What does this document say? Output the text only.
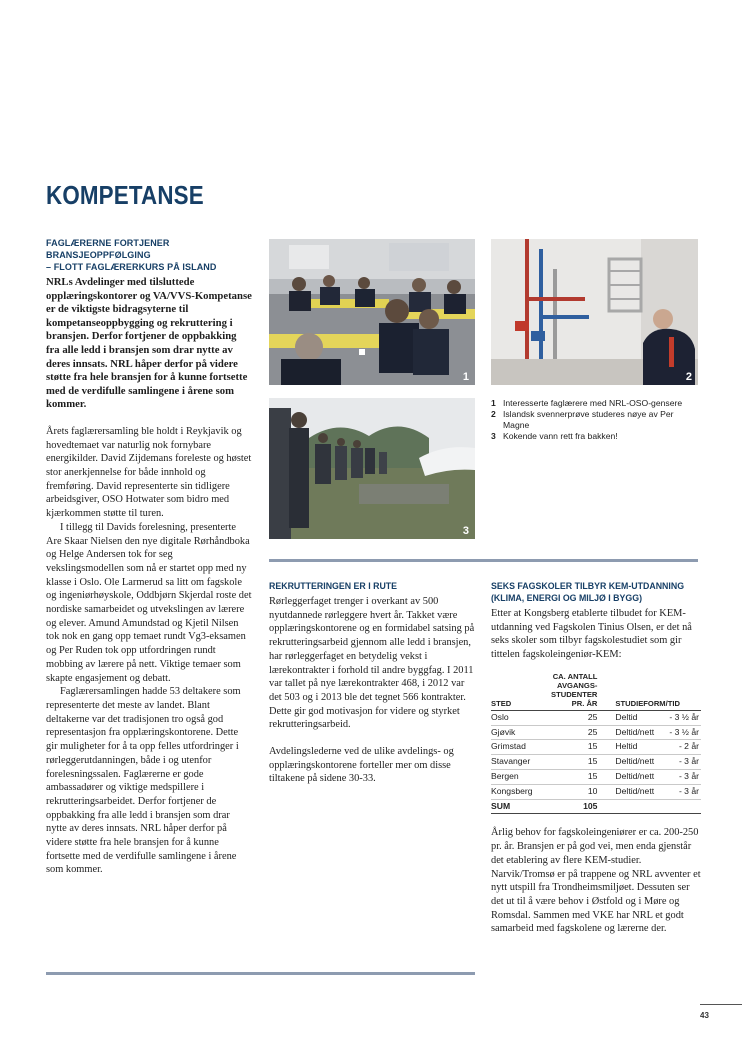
KOMPETANSE
FAGLÆRERNE FORTJENER BRANSJEOPPFØLGING
– FLOTT FAGLÆRERKURS PÅ ISLAND
NRLs Avdelinger med tilsluttede opplæringskontorer og VA/VVS-Kompetanse er de viktigste bidragsyterne til kompetanseoppbygging og rekruttering i bransjen. Derfor fortjener de oppbakking fra alle ledd i bransjen som drar nytte av deres innsats. NRL håper derfor på videre støtte fra hele bransjen for å kunne fortsette med de verdifulle samlingene i årene som kommer.

Årets faglærersamling ble holdt i Reykjavik og hovedtemaet var naturlig nok fornybare energikilder. David Zijdemans foreleste og høstet stor anerkjennelse for både innhold og fremføring. David representerte sin tidligere arbeidsgiver, OSO Hotwater som bidro med kjærkommen støtte til turen.

I tillegg til Davids forelesning, presenterte Are Skaar Nielsen den nye digitale Rørhåndboka og Helge Andersen tok for seg vekslingsmodellen som nå er startet opp med ny klasse i Oslo. Ole Larmerud sa litt om fagskole og ingeniørhøyskole, Oddbjørn Skjerdal roste det nordiske samarbeidet og utvekslingen av lærere og elever. Amund Amundstad og Kjetil Nilsen tok nok en gang opp temaet rundt Vg3-eksamen og Per Ruden tok opp utfordringen rundt mobbing av lærere på nett. Viktige temaer som skapte engasjement og debatt.

Faglærersamlingen hadde 53 deltakere som representerte det meste av landet. Blant deltakerne var det tradisjonen tro også god representasjon fra opplæringskontorene. Dette gir muligheter for å ta opp felles utfordringer i rørleggerutdanningen, både i og utenfor forelesningssalen. Faglærerne er gode ambassadører og viktige medspillere i rekrutteringsarbeidet. Derfor fortjener de oppbakking fra alle ledd i bransjen som drar nytte av deres innsats. NRL håper derfor på videre støtte fra hele bransjen for å kunne fortsette med de verdifulle samlingene i årene som kommer.

1	2
3
1 Interesserte faglærere med NRL-OSO-gensere
2 Islandsk svennerprøve studeres nøye av Per Magne
3 Kokende vann rett fra bakken!
REKRUTTERINGEN ER I RUTE

Rørleggerfaget trenger i overkant av 500 nyutdannede rørleggere hvert år. Takket være opplæringskontorene og en formidabel satsing på rekrutteringsarbeid gjennom alle ledd i bransjen, har rørleggerfaget en betydelig vekst i lærekontrakter i forhold til andre byggfag. I 2011 var tallet på nye lærekontrakter 468, i 2012 var det 503 og i 2013 ble det tegnet 566 kontrakter. Dette gir god motivasjon for videre og styrket rekrutteringsarbeid.

Avdelingslederne ved de ulike avdelings- og opplæringskontorene forteller mer om disse tiltakene på sidene 30-33.

SEKS FAGSKOLER TILBYR KEM-UTDANNING
(KLIMA, ENERGI OG MILJØ I BYGG)

Etter at Kongsberg etablerte tilbudet for KEM-utdanning ved Fagskolen Tinius Olsen, er det nå seks skoler som tilbyr fagskolestudiet som gir tittelen fagskoleingeniør-KEM:

STED	CA. ANTALL
AVGANGS-
STUDENTER
PR. ÅR	STUDIEFORM/TID
Oslo	25	Deltid - 3 ½ år

Gjøvik	25	Deltid/nett - 3 ½ år

Grimstad	15	Heltid - 2 år

Stavanger	15	Deltid/nett - 3 år

Bergen	15	Deltid/nett - 3 år

Kongsberg	10	Deltid/nett - 3 år

SUM	105	

Årlig behov for fagskoleingeniører er ca. 200-250 pr. år. Bransjen er på god vei, men enda gjenstår det etablering av flere KEM-studier. Narvik/Tromsø er på trappene og NRL avventer et nytt utspill fra Trondheimsmiljøet. Dessuten ser det ut til å være behov i Østfold og i Møre og Romsdal. Sammen med VKE har NRL et godt samarbeid med fagskolene og lærerne der.

43
